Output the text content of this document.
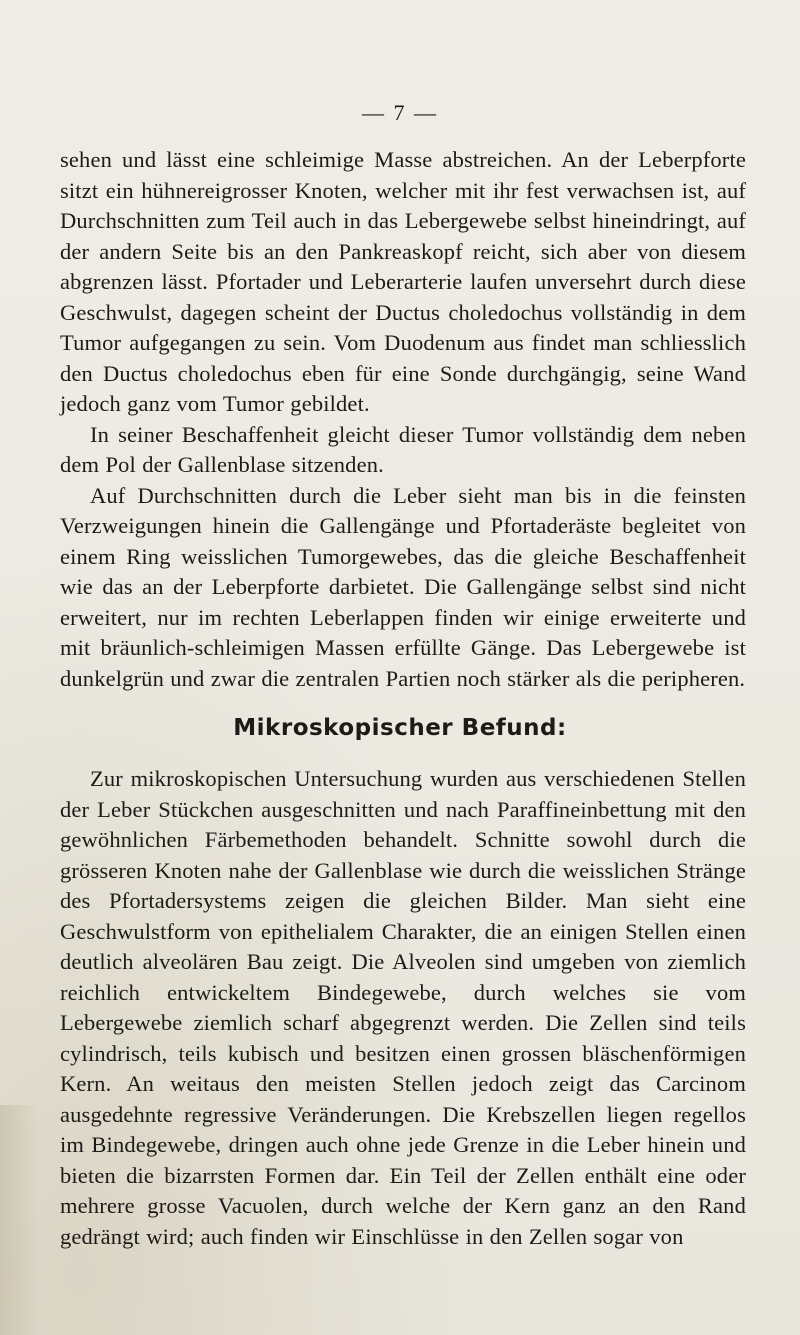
— 7 —

sehen und lässt eine schleimige Masse abstreichen. An der Leberpforte sitzt ein hühnereigrosser Knoten, welcher mit ihr fest verwachsen ist, auf Durchschnitten zum Teil auch in das Lebergewebe selbst hineindringt, auf der andern Seite bis an den Pankreaskopf reicht, sich aber von diesem abgrenzen lässt. Pfortader und Leberarterie laufen unversehrt durch diese Geschwulst, dagegen scheint der Ductus choledochus vollständig in dem Tumor aufgegangen zu sein. Vom Duodenum aus findet man schliesslich den Ductus choledochus eben für eine Sonde durchgängig, seine Wand jedoch ganz vom Tumor gebildet.

In seiner Beschaffenheit gleicht dieser Tumor vollständig dem neben dem Pol der Gallenblase sitzenden.

Auf Durchschnitten durch die Leber sieht man bis in die feinsten Verzweigungen hinein die Gallengänge und Pfortaderäste begleitet von einem Ring weisslichen Tumorgewebes, das die gleiche Beschaffenheit wie das an der Leberpforte darbietet. Die Gallengänge selbst sind nicht erweitert, nur im rechten Leberlappen finden wir einige erweiterte und mit bräunlich-schleimigen Massen erfüllte Gänge. Das Lebergewebe ist dunkelgrün und zwar die zentralen Partien noch stärker als die peripheren.

Mikroskopischer Befund:

Zur mikroskopischen Untersuchung wurden aus verschiedenen Stellen der Leber Stückchen ausgeschnitten und nach Paraffineinbettung mit den gewöhnlichen Färbemethoden behandelt. Schnitte sowohl durch die grösseren Knoten nahe der Gallenblase wie durch die weisslichen Stränge des Pfortadersystems zeigen die gleichen Bilder. Man sieht eine Geschwulstform von epithelialem Charakter, die an einigen Stellen einen deutlich alveolären Bau zeigt. Die Alveolen sind umgeben von ziemlich reichlich entwickeltem Bindegewebe, durch welches sie vom Lebergewebe ziemlich scharf abgegrenzt werden. Die Zellen sind teils cylindrisch, teils kubisch und besitzen einen grossen bläschenförmigen Kern. An weitaus den meisten Stellen jedoch zeigt das Carcinom ausgedehnte regressive Veränderungen. Die Krebszellen liegen regellos im Bindegewebe, dringen auch ohne jede Grenze in die Leber hinein und bieten die bizarrsten Formen dar. Ein Teil der Zellen enthält eine oder mehrere grosse Vacuolen, durch welche der Kern ganz an den Rand gedrängt wird; auch finden wir Einschlüsse in den Zellen sogar von
